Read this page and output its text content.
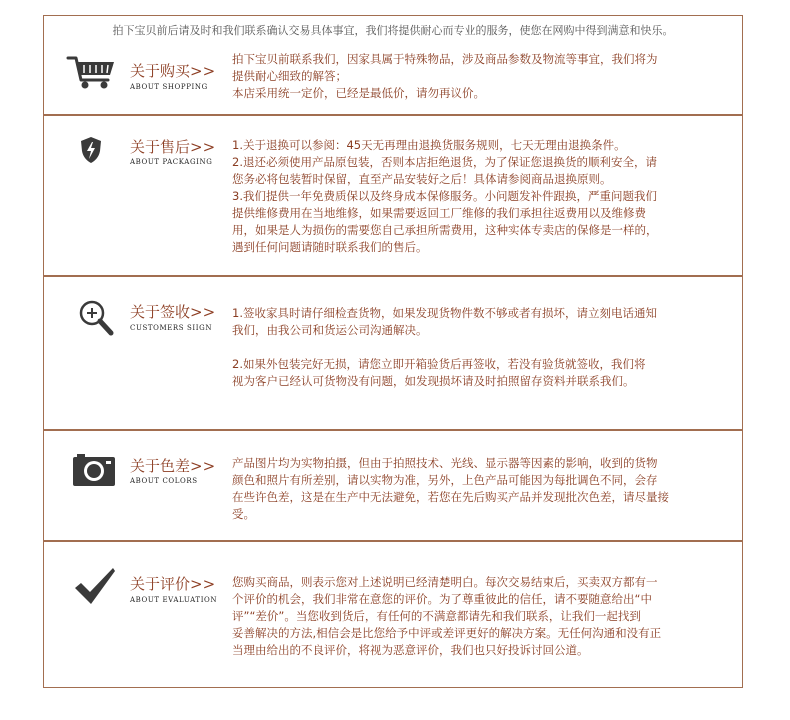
拍下宝贝前后请及时和我们联系确认交易具体事宜，我们将提供耐心而专业的服务，使您在网购中得到满意和快乐。
关于购买>>
ABOUT SHOPPING

拍下宝贝前联系我们，因家具属于特殊物品，涉及商品参数及物流等事宜，我们将为

提供耐心细致的解答；

本店采用统一定价，已经是最低价，请勿再议价。

关于售后>>
ABOUT PACKAGING

1.关于退换可以参阅：45天无再理由退换货服务规则，七天无理由退换条件。

2.退还必须使用产品原包装，否则本店拒绝退货，为了保证您退换货的顺利安全，请

您务必将包装暂时保留，直至产品安装好之后！具体请参阅商品退换原则。

3.我们提供一年免费质保以及终身成本保修服务。小问题发补件跟换，严重问题我们

提供维修费用在当地维修，如果需要返回工厂维修的我们承担往返费用以及维修费

用，如果是人为损伤的需要您自己承担所需费用，这种实体专卖店的保修是一样的，

遇到任何问题请随时联系我们的售后。

关于签收>>
CUSTOMERS SIIGN

1.签收家具时请仔细检查货物，如果发现货物件数不够或者有损坏，请立刻电话通知

我们，由我公司和货运公司沟通解决。

2.如果外包装完好无损，请您立即开箱验货后再签收，若没有验货就签收，我们将

视为客户已经认可货物没有问题，如发现损坏请及时拍照留存资料并联系我们。

关于色差>>
ABOUT COLORS

产品图片均为实物拍摄，但由于拍照技术、光线、显示器等因素的影响，收到的货物

颜色和照片有所差别，请以实物为准，另外，上色产品可能因为每批调色不同，会存

在些许色差，这是在生产中无法避免，若您在先后购买产品并发现批次色差，请尽量接

受。

关于评价>>
ABOUT EVALUATION

您购买商品，则表示您对上述说明已经清楚明白。每次交易结束后，买卖双方都有一

个评价的机会，我们非常在意您的评价。为了尊重彼此的信任，请不要随意给出“中

评”“差价”。当您收到货后，有任何的不满意都请先和我们联系，让我们一起找到

妥善解决的方法,相信会是比您给予中评或差评更好的解决方案。无任何沟通和没有正

当理由给出的不良评价，将视为恶意评价，我们也只好投诉讨回公道。
